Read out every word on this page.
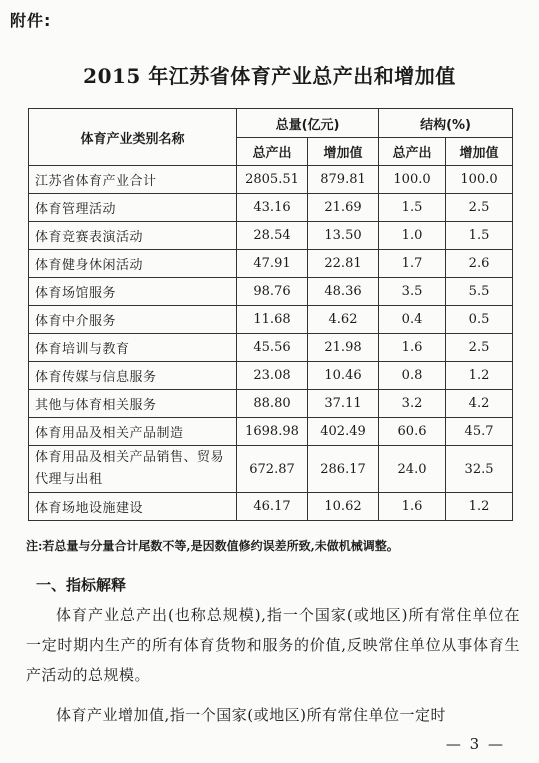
附件:
2015 年江苏省体育产业总产出和增加值
体育产业类别名称	总量(亿元)		结构(%)	
	总产出	增加值	总产出	增加值
江苏省体育产业合计	2805.51	879.81	100.0	100.0
体育管理活动	43.16	21.69	1.5	2.5
体育竞赛表演活动	28.54	13.50	1.0	1.5
体育健身休闲活动	47.91	22.81	1.7	2.6
体育场馆服务	98.76	48.36	3.5	5.5
体育中介服务	11.68	4.62	0.4	0.5
体育培训与教育	45.56	21.98	1.6	2.5
体育传媒与信息服务	23.08	10.46	0.8	1.2
其他与体育相关服务	88.80	37.11	3.2	4.2
体育用品及相关产品制造	1698.98	402.49	60.6	45.7
体育用品及相关产品销售、贸易代理与出租	672.87	286.17	24.0	32.5
体育场地设施建设	46.17	10.62	1.6	1.2
注:若总量与分量合计尾数不等,是因数值修约误差所致,未做机械调整。
一、指标解释
体育产业总产出(也称总规模),指一个国家(或地区)所有常住单位在一定时期内生产的所有体育货物和服务的价值,反映常住单位从事体育生产活动的总规模。
体育产业增加值,指一个国家(或地区)所有常住单位一定时
— 3 —
